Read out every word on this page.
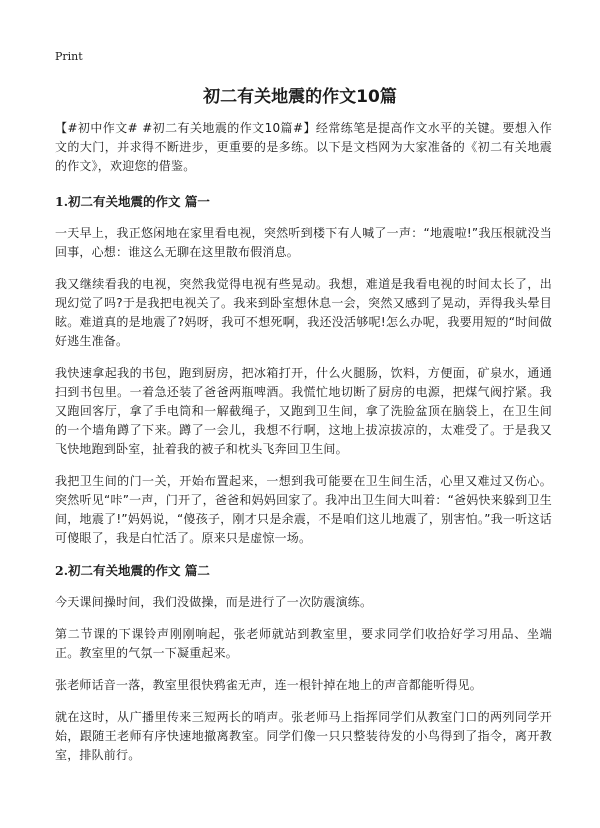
Print
初二有关地震的作文10篇

【#初中作文# #初二有关地震的作文10篇#】经常练笔是提高作文水平的关键。要想入作文的大门，并求得不断进步，更重要的是多练。以下是文档网为大家准备的《初二有关地震的作文》，欢迎您的借鉴。

1.初二有关地震的作文 篇一

一天早上，我正悠闲地在家里看电视，突然听到楼下有人喊了一声：“地震啦!”我压根就没当回事，心想：谁这么无聊在这里散布假消息。

我又继续看我的电视，突然我觉得电视有些晃动。我想，难道是我看电视的时间太长了，出现幻觉了吗?于是我把电视关了。我来到卧室想休息一会，突然又感到了晃动，弄得我头晕目眩。难道真的是地震了?妈呀，我可不想死啊，我还没活够呢!怎么办呢，我要用短的“时间做好逃生准备。

我快速拿起我的书包，跑到厨房，把冰箱打开，什么火腿肠，饮料，方便面，矿泉水，通通扫到书包里。一着急还装了爸爸两瓶啤酒。我慌忙地切断了厨房的电源，把煤气阀拧紧。我又跑回客厅，拿了手电筒和一解截绳子，又跑到卫生间，拿了洗脸盆顶在脑袋上，在卫生间的一个墙角蹲了下来。蹲了一会儿，我想不行啊，这地上拔凉拔凉的，太难受了。于是我又飞快地跑到卧室，扯着我的被子和枕头飞奔回卫生间。

我把卫生间的门一关，开始布置起来，一想到我可能要在卫生间生活，心里又难过又伤心。突然听见“咔”一声，门开了，爸爸和妈妈回家了。我冲出卫生间大叫着：“爸妈快来躲到卫生间，地震了!”妈妈说，“傻孩子，刚才只是余震，不是咱们这儿地震了，别害怕。”我一听这话可傻眼了，我是白忙活了。原来只是虚惊一场。

2.初二有关地震的作文 篇二

今天课间操时间，我们没做操，而是进行了一次防震演练。

第二节课的下课铃声刚刚响起，张老师就站到教室里，要求同学们收拾好学习用品、坐端正。教室里的气氛一下凝重起来。

张老师话音一落，教室里很快鸦雀无声，连一根针掉在地上的声音都能听得见。

就在这时，从广播里传来三短两长的哨声。张老师马上指挥同学们从教室门口的两列同学开始，跟随王老师有序快速地撤离教室。同学们像一只只整装待发的小鸟得到了指令，离开教室，排队前行。
